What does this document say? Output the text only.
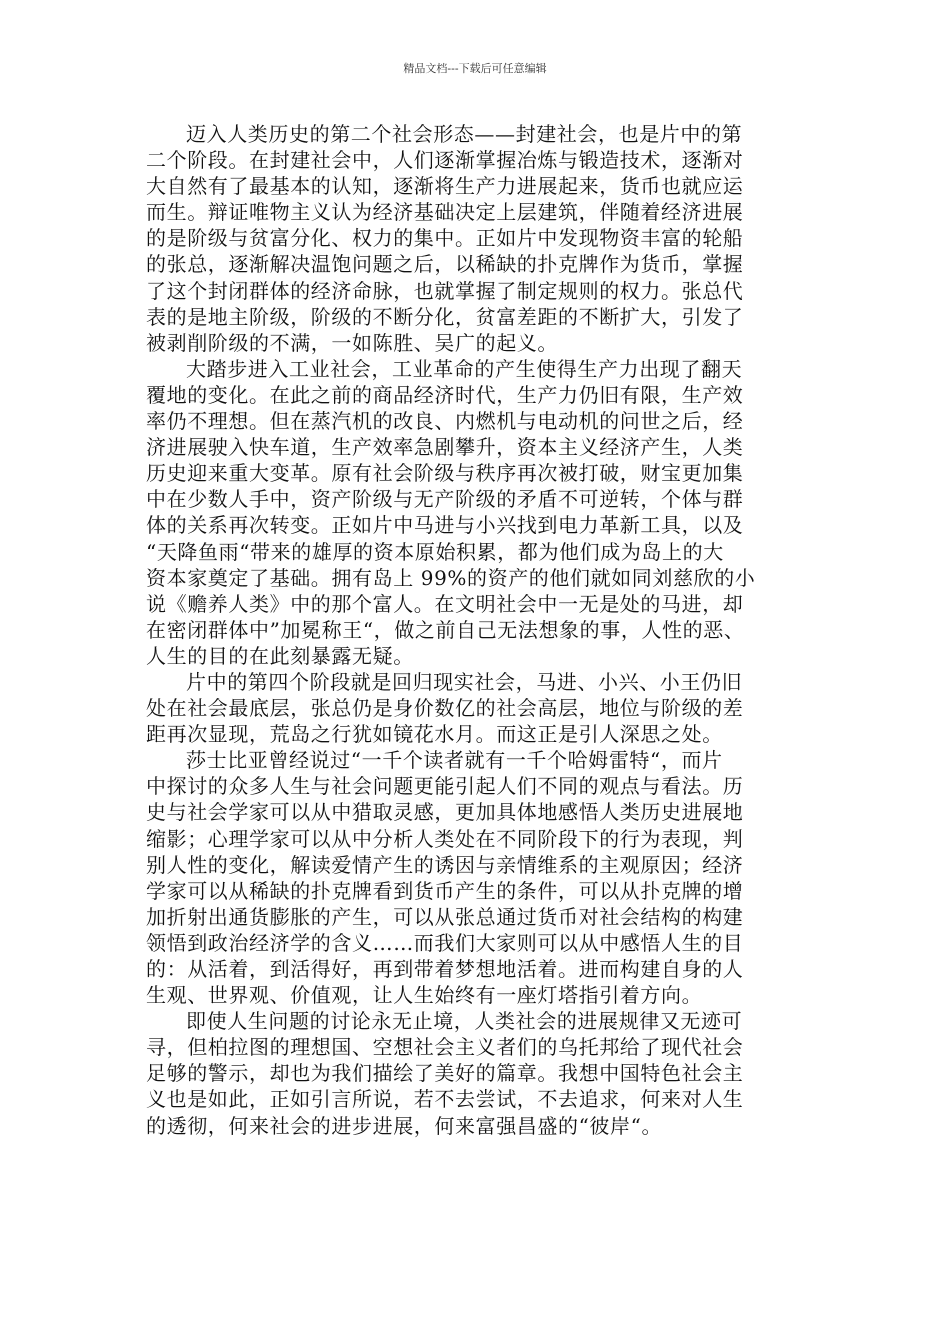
精品文档---下载后可任意编辑
迈入人类历史的第二个社会形态——封建社会，也是片中的第
二个阶段。在封建社会中，人们逐渐掌握冶炼与锻造技术，逐渐对
大自然有了最基本的认知，逐渐将生产力进展起来，货币也就应运
而生。辩证唯物主义认为经济基础决定上层建筑，伴随着经济进展
的是阶级与贫富分化、权力的集中。正如片中发现物资丰富的轮船
的张总，逐渐解决温饱问题之后，以稀缺的扑克牌作为货币，掌握
了这个封闭群体的经济命脉，也就掌握了制定规则的权力。张总代
表的是地主阶级，阶级的不断分化，贫富差距的不断扩大，引发了
被剥削阶级的不满，一如陈胜、吴广的起义。
大踏步进入工业社会，工业革命的产生使得生产力出现了翻天
覆地的变化。在此之前的商品经济时代，生产力仍旧有限，生产效
率仍不理想。但在蒸汽机的改良、内燃机与电动机的问世之后，经
济进展驶入快车道，生产效率急剧攀升，资本主义经济产生，人类
历史迎来重大变革。原有社会阶级与秩序再次被打破，财宝更加集
中在少数人手中，资产阶级与无产阶级的矛盾不可逆转，个体与群
体的关系再次转变。正如片中马进与小兴找到电力革新工具，以及
“天降鱼雨“带来的雄厚的资本原始积累，都为他们成为岛上的大
资本家奠定了基础。拥有岛上 99%的资产的他们就如同刘慈欣的小
说《赡养人类》中的那个富人。在文明社会中一无是处的马进，却
在密闭群体中”加冕称王“，做之前自己无法想象的事，人性的恶、
人生的目的在此刻暴露无疑。
片中的第四个阶段就是回归现实社会，马进、小兴、小王仍旧
处在社会最底层，张总仍是身价数亿的社会高层，地位与阶级的差
距再次显现，荒岛之行犹如镜花水月。而这正是引人深思之处。
莎士比亚曾经说过“一千个读者就有一千个哈姆雷特“，而片
中探讨的众多人生与社会问题更能引起人们不同的观点与看法。历
史与社会学家可以从中猎取灵感，更加具体地感悟人类历史进展地
缩影；心理学家可以从中分析人类处在不同阶段下的行为表现，判
别人性的变化，解读爱情产生的诱因与亲情维系的主观原因；经济
学家可以从稀缺的扑克牌看到货币产生的条件，可以从扑克牌的增
加折射出通货膨胀的产生，可以从张总通过货币对社会结构的构建
领悟到政治经济学的含义……而我们大家则可以从中感悟人生的目
的：从活着，到活得好，再到带着梦想地活着。进而构建自身的人
生观、世界观、价值观，让人生始终有一座灯塔指引着方向。
即使人生问题的讨论永无止境，人类社会的进展规律又无迹可
寻，但柏拉图的理想国、空想社会主义者们的乌托邦给了现代社会
足够的警示，却也为我们描绘了美好的篇章。我想中国特色社会主
义也是如此，正如引言所说，若不去尝试，不去追求，何来对人生
的透彻，何来社会的进步进展，何来富强昌盛的“彼岸“。
